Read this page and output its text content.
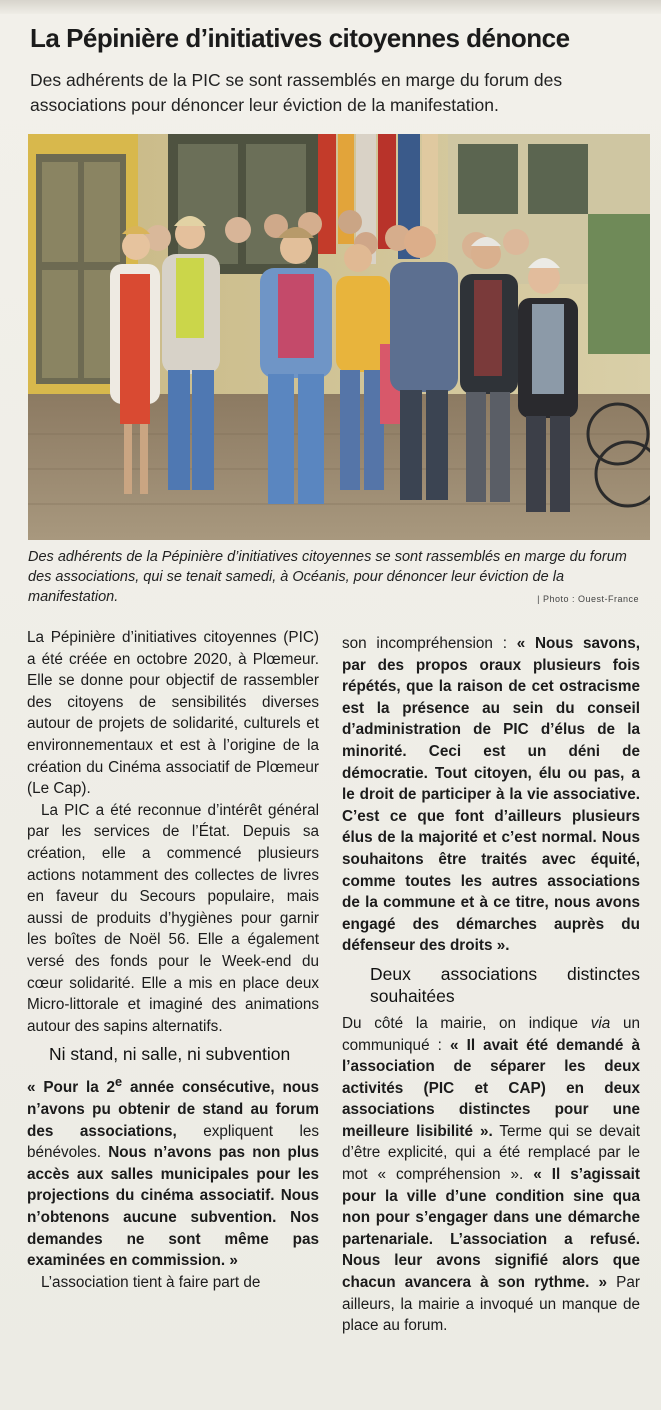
La Pépinière d’initiatives citoyennes dénonce
Des adhérents de la PIC se sont rassemblés en marge du forum des associations pour dénoncer leur éviction de la manifestation.
Des adhérents de la Pépinière d’initiatives citoyennes se sont rassemblés en marge du forum des associations, qui se tenait samedi, à Océanis, pour dénoncer leur éviction de la manifestation.	| Photo : Ouest-France

La Pépinière d’initiatives citoyennes (PIC) a été créée en octobre 2020, à Plœmeur. Elle se donne pour objectif de rassembler des citoyens de sensibilités diverses autour de projets de solidarité, culturels et environnementaux et est à l’origine de la création du Cinéma associatif de Plœmeur (Le Cap).

La PIC a été reconnue d’intérêt général par les services de l’État. Depuis sa création, elle a commencé plusieurs actions notamment des collectes de livres en faveur du Secours populaire, mais aussi de produits d’hygiènes pour garnir les boîtes de Noël 56. Elle a également versé des fonds pour le Week-end du cœur solidarité. Elle a mis en place deux Micro-littorale et imaginé des animations autour des sapins alternatifs.

Ni stand, ni salle, ni subvention

« Pour la 2e année consécutive, nous n’avons pu obtenir de stand au forum des associations, expliquent les bénévoles. Nous n’avons pas non plus accès aux salles municipales pour les projections du cinéma associatif. Nous n’obtenons aucune subvention. Nos demandes ne sont même pas examinées en commission. »

L’association tient à faire part de

son incompréhension : « Nous savons, par des propos oraux plusieurs fois répétés, que la raison de cet ostracisme est la présence au sein du conseil d’administration de PIC d’élus de la minorité. Ceci est un déni de démocratie. Tout citoyen, élu ou pas, a le droit de participer à la vie associative. C’est ce que font d’ailleurs plusieurs élus de la majorité et c’est normal. Nous souhaitons être traités avec équité, comme toutes les autres associations de la commune et à ce titre, nous avons engagé des démarches auprès du défenseur des droits ».

Deux associations distinctes souhaitées

Du côté la mairie, on indique via un communiqué : « Il avait été demandé à l’association de séparer les deux activités (PIC et CAP) en deux associations distinctes pour une meilleure lisibilité ». Terme qui se devait d’être explicité, qui a été remplacé par le mot « compréhension ». « Il s’agissait pour la ville d’une condition sine qua non pour s’engager dans une démarche partenariale. L’association a refusé. Nous leur avons signifié alors que chacun avancera à son rythme. » Par ailleurs, la mairie a invoqué un manque de place au forum.
